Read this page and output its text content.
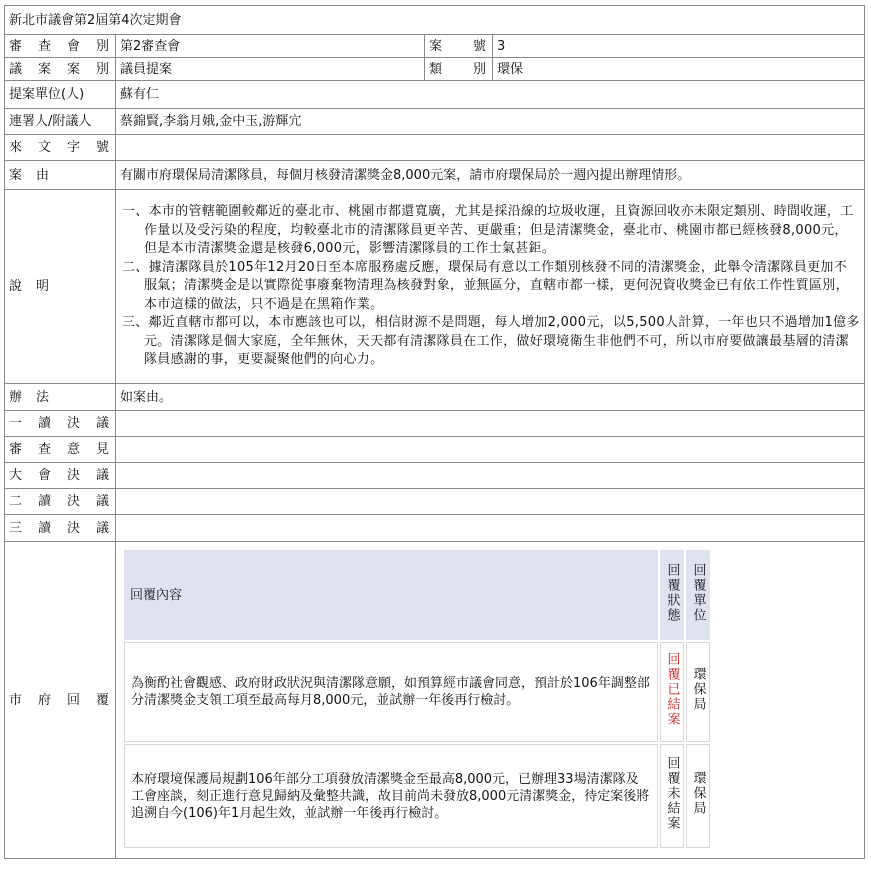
新北市議會第2屆第4次定期會
審查會別	第2審查會	案號	3
議案案別	議員提案	類別	環保
提案單位(人)	蘇有仁
連署人/附議人	蔡錦賢,李翁月娥,金中玉,游輝宂
來文字號	
案由	有關市府環保局清潔隊員，每個月核發清潔獎金8,000元案，請市府環保局於一週內提出辦理情形。
說明	

一、本市的管轄範圍較鄰近的臺北市、桃園市都還寬廣，尤其是採沿線的垃圾收運，且資源回收亦未限定類別、時間收運，工作量以及受污染的程度，均較臺北市的清潔隊員更辛苦、更嚴重；但是清潔獎金，臺北市、桃園市都已經核發8,000元，但是本市清潔獎金還是核發6,000元，影響清潔隊員的工作士氣甚鉅。

二、據清潔隊員於105年12月20日至本席服務處反應，環保局有意以工作類別核發不同的清潔獎金，此舉令清潔隊員更加不服氣；清潔獎金是以實際從事廢棄物清理為核發對象，並無區分，直轄市都一樣，更何況資收獎金已有依工作性質區別，本市這樣的做法，只不過是在黑箱作業。

三、鄰近直轄市都可以，本市應該也可以，相信財源不是問題，每人增加2,000元，以5,500人計算，一年也只不過增加1億多元。清潔隊是個大家庭，全年無休，天天都有清潔隊員在工作，做好環境衛生非他們不可，所以市府要做讓最基層的清潔隊員感謝的事，更要凝聚他們的向心力。

辦法	如案由。
一讀決議	
審查意見	
大會決議	
二讀決議	
三讀決議	
市府回覆	
回覆內容	回覆狀態	回覆單位
為衡酌社會觀感、政府財政狀況與清潔隊意願，如預算經市議會同意，預計於106年調整部分清潔獎金支領工項至最高每月8,000元，並試辦一年後再行檢討。	回覆已結案	環保局
本府環境保護局規劃106年部分工項發放清潔獎金至最高8,000元，已辦理33場清潔隊及工會座談，刻正進行意見歸納及彙整共識，故目前尚未發放8,000元清潔獎金，待定案後將追溯自今(106)年1月起生效，並試辦一年後再行檢討。	回覆未結案	環保局
